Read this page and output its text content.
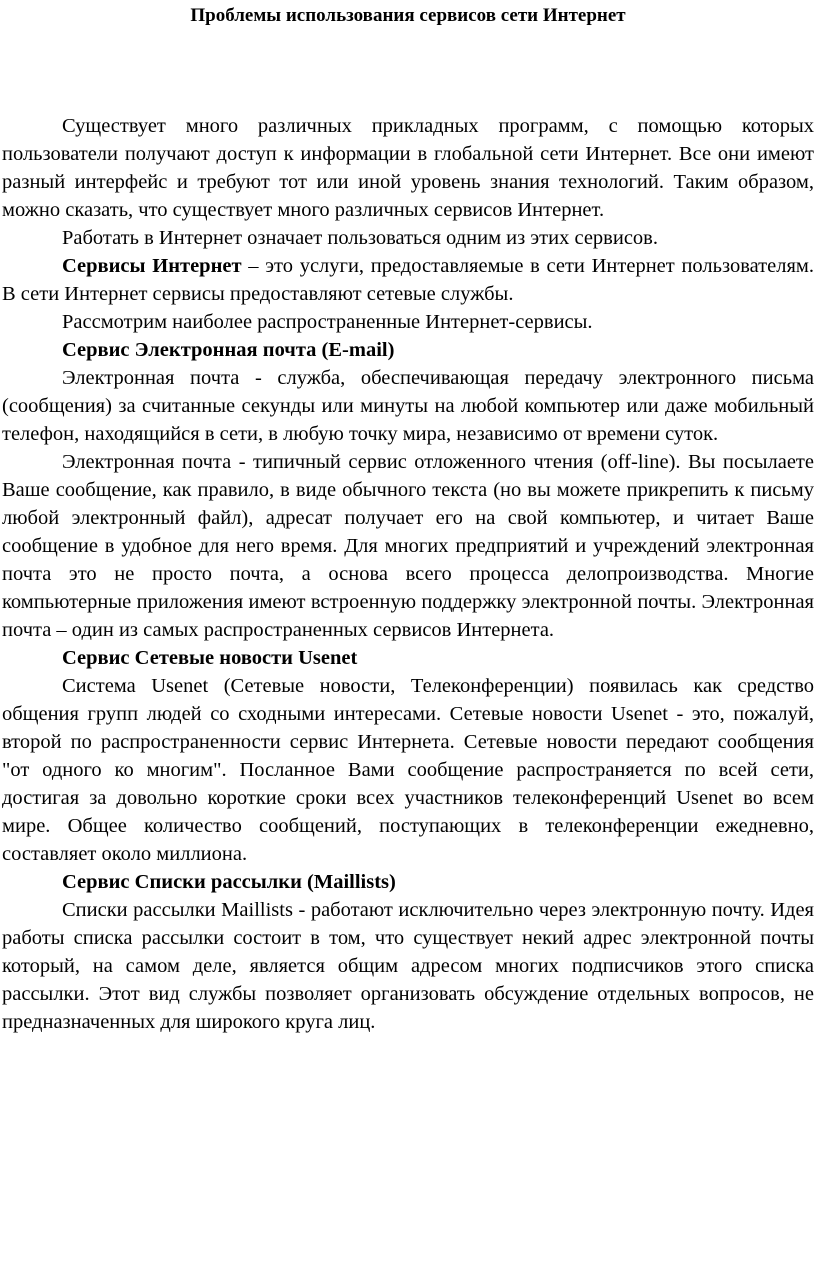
Проблемы использования сервисов сети Интернет

Существует много различных прикладных программ, с помощью которых пользователи получают доступ к информации в глобальной сети Интернет. Все они имеют разный интерфейс и требуют тот или иной уровень знания технологий. Таким образом, можно сказать, что существует много различных сервисов Интернет.

Работать в Интернет означает пользоваться одним из этих сервисов.

Сервисы Интернет – это услуги, предоставляемые в сети Интернет пользователям. В сети Интернет сервисы предоставляют сетевые службы.

Рассмотрим наиболее распространенные Интернет-сервисы.

Сервис Электронная почта (E-mail)

Электронная почта - служба, обеспечивающая передачу электронного письма (сообщения) за считанные секунды или минуты на любой компьютер или даже мобильный телефон, находящийся в сети, в любую точку мира, независимо от времени суток.

Электронная почта - типичный сервис отложенного чтения (off-line). Вы посылаете Ваше сообщение, как правило, в виде обычного текста (но вы можете прикрепить к письму любой электронный файл), адресат получает его на свой компьютер, и читает Ваше сообщение в удобное для него время. Для многих предприятий и учреждений электронная почта это не просто почта, а основа всего процесса делопроизводства. Многие компьютерные приложения имеют встроенную поддержку электронной почты. Электронная почта – один из самых распространенных сервисов Интернета.

Сервис Сетевые новости Usenet

Система Usenet (Сетевые новости, Телеконференции) появилась как средство общения групп людей со сходными интересами. Сетевые новости Usenet - это, пожалуй, второй по распространенности сервис Интернета. Сетевые новости передают сообщения "от одного ко многим". Посланное Вами сообщение распространяется по всей сети, достигая за довольно короткие сроки всех участников телеконференций Usenet во всем мире. Общее количество сообщений, поступающих в телеконференции ежедневно, составляет около миллиона.

Сервис Списки рассылки (Maillists)

Списки рассылки Maillists - работают исключительно через электронную почту. Идея работы списка рассылки состоит в том, что существует некий адрес электронной почты который, на самом деле, является общим адресом многих подписчиков этого списка рассылки. Этот вид службы позволяет организовать обсуждение отдельных вопросов, не предназначенных для широкого круга лиц.
